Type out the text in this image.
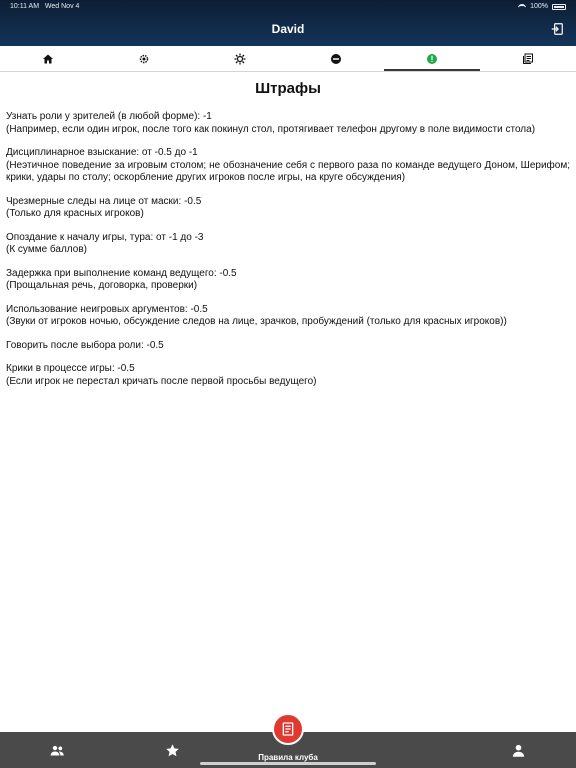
10:11 AM Wed Nov 4	100%
David
Штрафы
Узнать роли у зрителей (в любой форме): -1
(Например, если один игрок, после того как покинул стол, протягивает телефон другому в поле видимости стола)
Дисциплинарное взыскание: от -0.5 до -1
(Неэтичное поведение за игровым столом; не обозначение себя с первого раза по команде ведущего Доном, Шерифом; крики, удары по столу; оскорбление других игроков после игры, на круге обсуждения)
Чрезмерные следы на лице от маски: -0.5
(Только для красных игроков)
Опоздание к началу игры, тура: от -1 до -3
(К сумме баллов)
Задержка при выполнение команд ведущего: -0.5
(Прощальная речь, договорка, проверки)
Использование неигровых аргументов: -0.5
(Звуки от игроков ночью, обсуждение следов на лице, зрачков, пробуждений (только для красных игроков))
Говорить после выбора роли: -0.5
Крики в процессе игры: -0.5
(Если игрок не перестал кричать после первой просьбы ведущего)
Правила клуба
